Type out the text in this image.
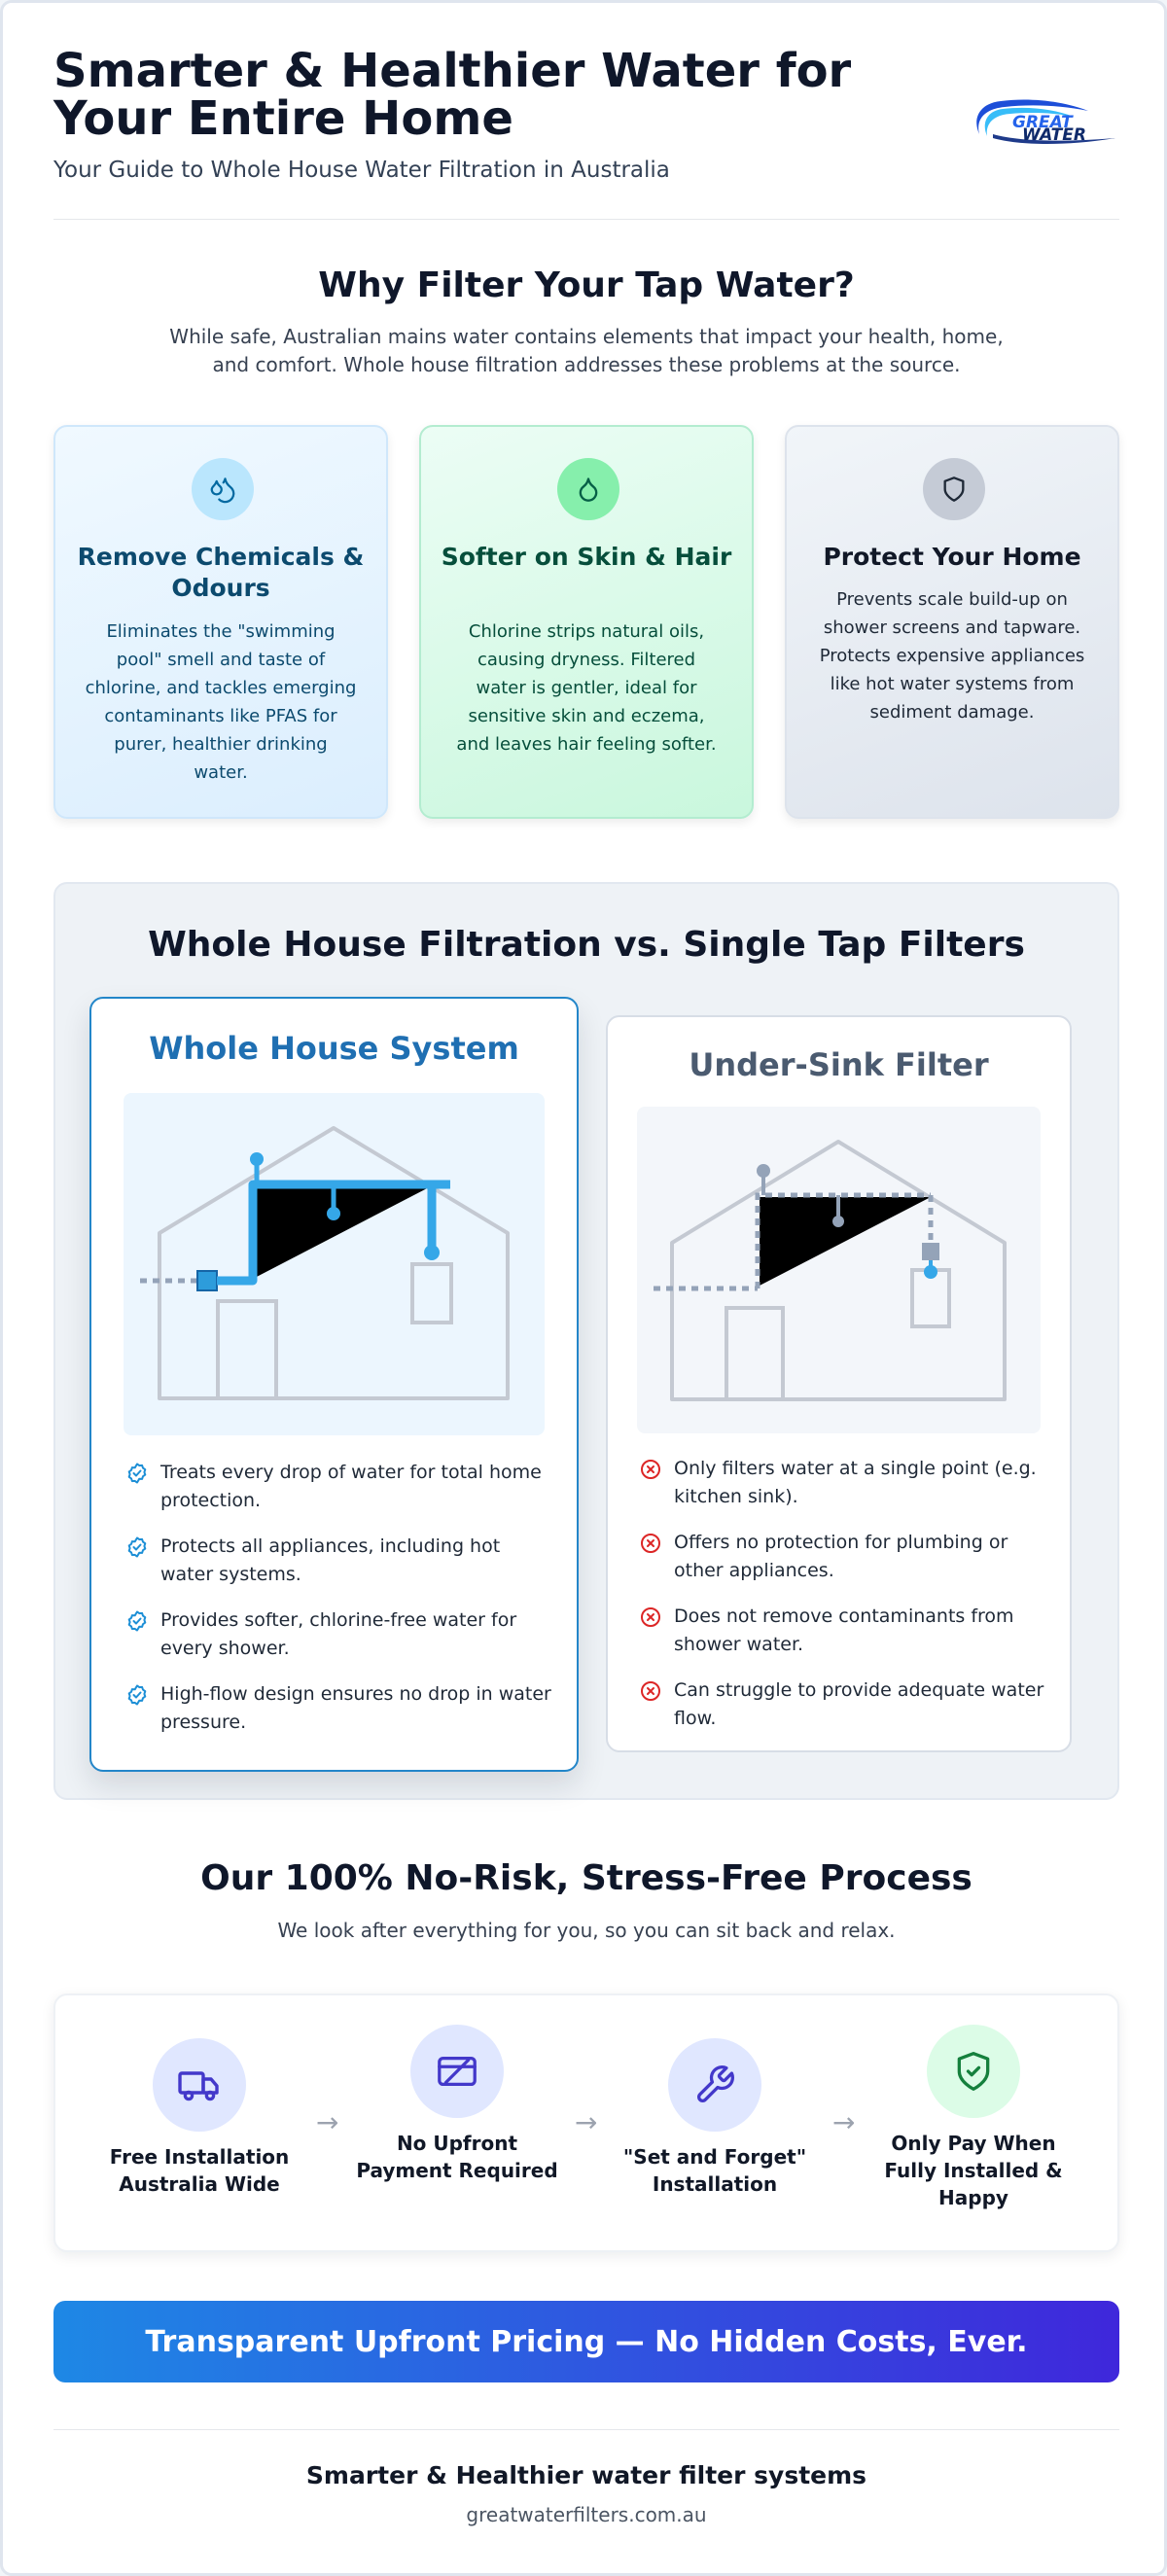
Smarter & Healthier Water for Your Entire Home
Your Guide to Whole House Water Filtration in Australia
GREAT
WATER
Why Filter Your Tap Water?
While safe, Australian mains water contains elements that impact your health, home, and comfort. Whole house filtration addresses these problems at the source.
Remove Chemicals & Odours
Eliminates the "swimming pool" smell and taste of chlorine, and tackles emerging contaminants like PFAS for purer, healthier drinking water.
Softer on Skin & Hair
Chlorine strips natural oils, causing dryness. Filtered water is gentler, ideal for sensitive skin and eczema, and leaves hair feeling softer.
Protect Your Home
Prevents scale build-up on shower screens and tapware. Protects expensive appliances like hot water systems from sediment damage.
Whole House Filtration vs. Single Tap Filters
Whole House System
Treats every drop of water for total home protection.
Protects all appliances, including hot water systems.
Provides softer, chlorine-free water for every shower.
High-flow design ensures no drop in water pressure.
Under-Sink Filter
Only filters water at a single point (e.g. kitchen sink).
Offers no protection for plumbing or other appliances.
Does not remove contaminants from shower water.
Can struggle to provide adequate water flow.
Our 100% No-Risk, Stress-Free Process
We look after everything for you, so you can sit back and relax.
Free Installation Australia Wide
→
No Upfront Payment Required
→
"Set and Forget" Installation
→
Only Pay When Fully Installed & Happy
Transparent Upfront Pricing — No Hidden Costs, Ever.
Smarter & Healthier water filter systems
greatwaterfilters.com.au
